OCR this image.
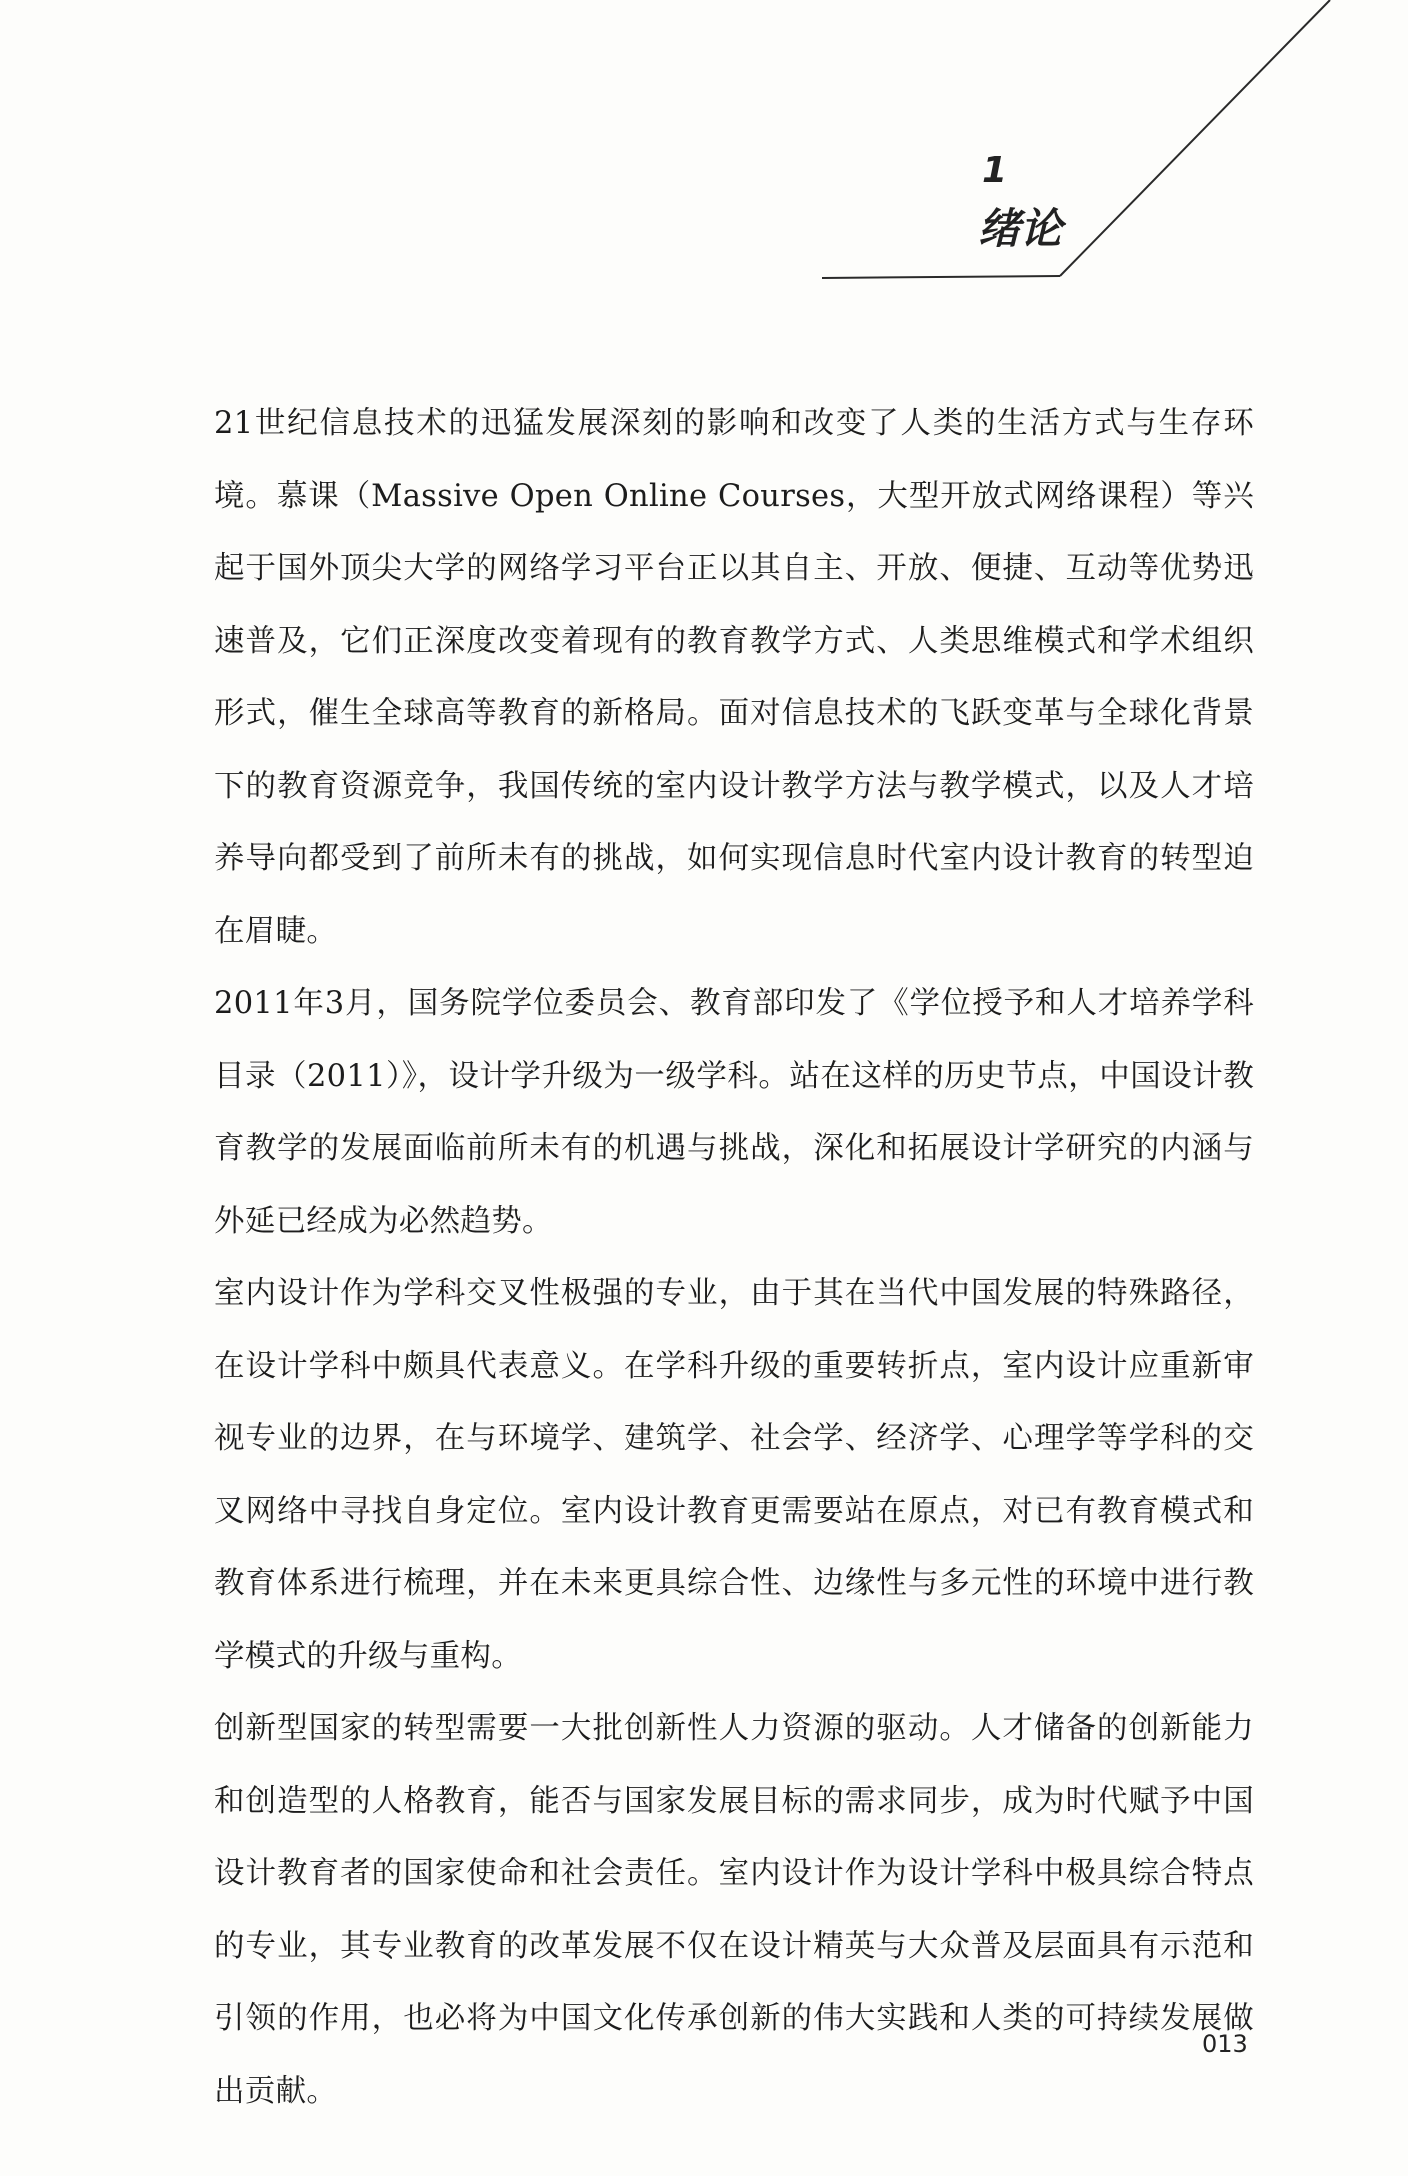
1
绪论

21世纪信息技术的迅猛发展深刻的影响和改变了人类的生活方式与生存环境。慕课（Massive Open Online Courses，大型开放式网络课程）等兴起于国外顶尖大学的网络学习平台正以其自主、开放、便捷、互动等优势迅速普及，它们正深度改变着现有的教育教学方式、人类思维模式和学术组织形式，催生全球高等教育的新格局。面对信息技术的飞跃变革与全球化背景下的教育资源竞争，我国传统的室内设计教学方法与教学模式，以及人才培养导向都受到了前所未有的挑战，如何实现信息时代室内设计教育的转型迫在眉睫。

2011年3月，国务院学位委员会、教育部印发了《学位授予和人才培养学科目录（2011）》，设计学升级为一级学科。站在这样的历史节点，中国设计教育教学的发展面临前所未有的机遇与挑战，深化和拓展设计学研究的内涵与外延已经成为必然趋势。

室内设计作为学科交叉性极强的专业，由于其在当代中国发展的特殊路径，在设计学科中颇具代表意义。在学科升级的重要转折点，室内设计应重新审视专业的边界，在与环境学、建筑学、社会学、经济学、心理学等学科的交叉网络中寻找自身定位。室内设计教育更需要站在原点，对已有教育模式和教育体系进行梳理，并在未来更具综合性、边缘性与多元性的环境中进行教学模式的升级与重构。

创新型国家的转型需要一大批创新性人力资源的驱动。人才储备的创新能力和创造型的人格教育，能否与国家发展目标的需求同步，成为时代赋予中国设计教育者的国家使命和社会责任。室内设计作为设计学科中极具综合特点的专业，其专业教育的改革发展不仅在设计精英与大众普及层面具有示范和引领的作用，也必将为中国文化传承创新的伟大实践和人类的可持续发展做出贡献。

013
